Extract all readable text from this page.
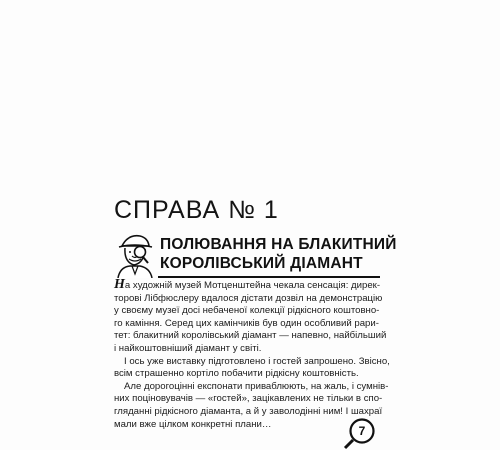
СПРАВА № 1
ПОЛЮВАННЯ НА БЛАКИТНИЙ
КОРОЛІВСЬКИЙ ДІАМАНТ

На художній музей Мотценштейна чекала сенсація: дирек-

торові Лібфюслеру вдалося дістати дозвіл на демонстрацію

у своєму музеї досі небаченої колекції рідкісного коштовно-

го каміння. Серед цих камінчиків був один особливий рари-

тет: блакитний королівський діамант — напевно, найбільший

і найкоштовніший діамант у світі.

І ось уже виставку підготовлено і гостей запрошено. Звісно,

всім страшенно кортіло побачити рідкісну коштовність.

Але дорогоцінні експонати приваблюють, на жаль, і сумнів-

них поціновувачів — «гостей», зацікавлених не тільки в спо-

гляданні рідкісного діаманта, а й у заволодінні ним! І шахраї

мали вже цілком конкретні плани…	7
